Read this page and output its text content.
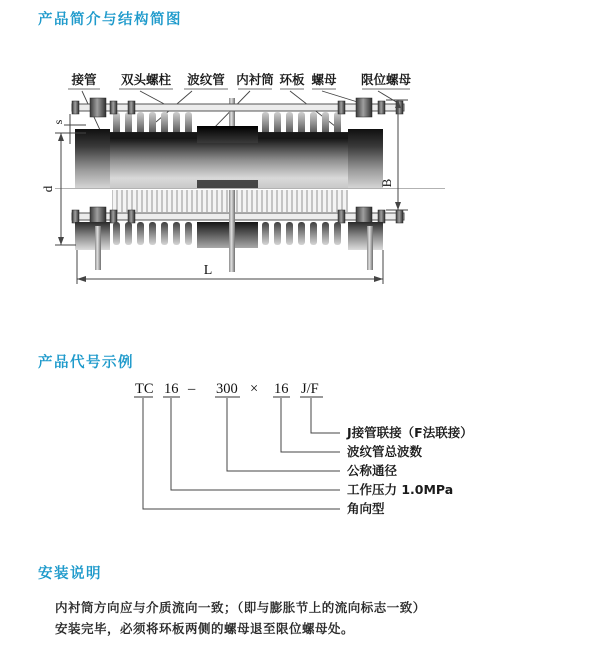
产品简介与结构简图
接管 双头螺柱 波纹管 内衬筒 环板 螺母 限位螺母
d
s
B
L
产品代号示例
TC 16 – 300 × 16 J/F
J接管联接（F法联接）
波纹管总波数
公称通径
工作压力 1.0MPa
角向型
安装说明
内衬筒方向应与介质流向一致；（即与膨胀节上的流向标志一致）
安装完毕，必须将环板两侧的螺母退至限位螺母处。
